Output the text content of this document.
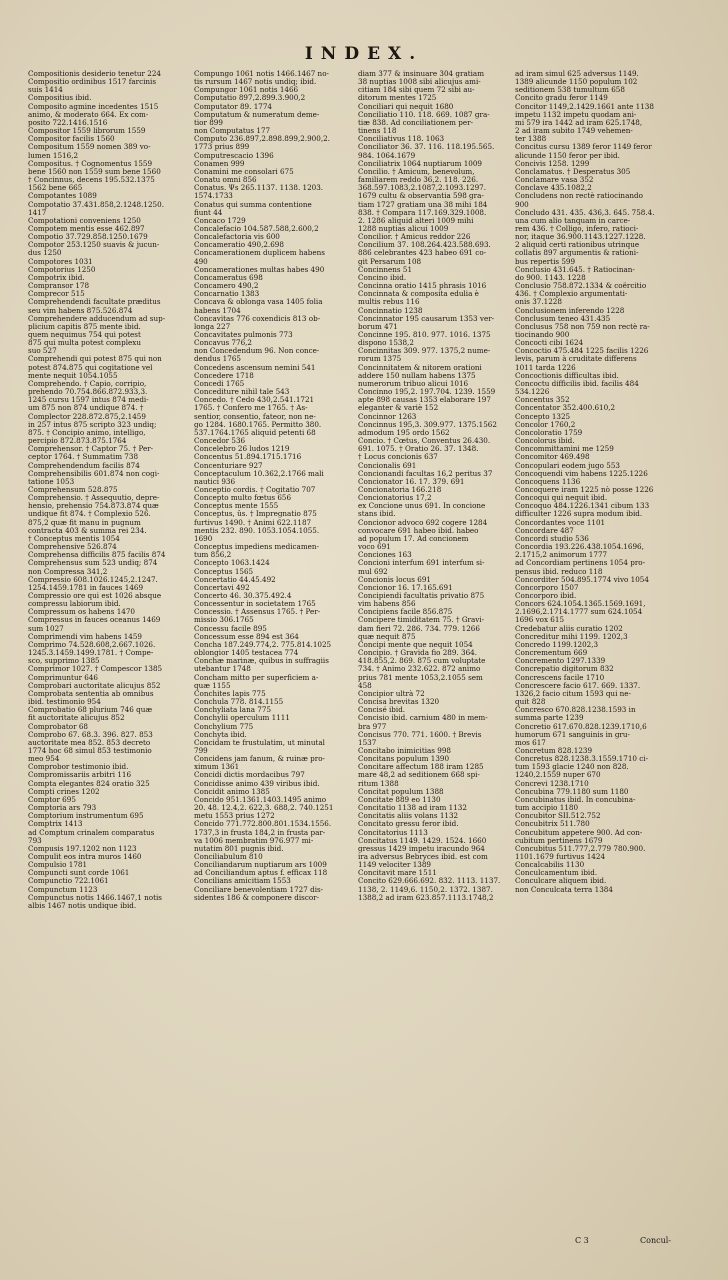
INDEX.
Compositionis desiderio tenetur 224
Compositio ordinibus 1517 farcinis
suis 1414
Compositius ibid.
Composito agmine incedentes 1515
animo, & moderato 664. Ex com-
posito 722.1416.1516
Compositor 1559 librorum 1559
Compositor facilis 1560
Compositum 1559 nomen 389 vo-
lumen 1516,2
Compositus. † Cognomentus 1559
bene 1560 non 1559 sum bene 1560
† Concinnus, decens 195.532.1375
1562 bene 665
Compotantes 1089
Compotatio 37.431.858,2.1248.1250.
1417
Compotationi conveniens 1250
Compotem mentis esse 462.897
Compotio 37.729.858.1250.1679
Compotor 253.1250 suavis & jucun-
dus 1250
Compotores 1031
Compotorius 1250
Compotrix ibid.
Compransor 178
Comprecor 515
Comprehendendi facultate præditus
seu vim habens 875.526.874
Comprehendere adducendum ad sup-
plicium capitis 875 mente ibid.
quem nequimus 754 qui potest
875 qui multa potest complexu
suo 527
Comprehendi qui potest 875 qui non
potest 874.875 qui cogitatione vel
mente nequit 1054.1055
Comprehendo. † Capio, corripio,
prehendo 70.754.866.872.933,3.
1245 cursu 1597 intus 874 medi-
um 875 non 874 undique 874. †
Complector 228.872.875,2.1459
in 257 intus 875 scripto 323 undiq;
875. † Concipio animo, intelligo,
percipio 872.873.875.1764
Comprehensor. † Captor 75. † Per-
ceptor 1764. † Summatim 738
Comprehendendum facilis 874
Comprehensibilis 601.874 non cogi-
tatione 1053
Comprehensum 528.875
Comprehensio. † Assequutio, depre-
hensio, prehensio 754.873.874 quæ
undique fit 874. † Complexio 526.
875,2 quæ fit manu in pugnum
contracta 403 & summa rei 234.
† Conceptus mentis 1054
Comprehensive 526.874
Comprehensa difficilis 875 facilis 874
Comprehensus sum 523 undiq; 874
non Compressa 341,2
Compressio 608.1026.1245,2.1247.
1254.1459.1781 in fauces 1469
Compressio ore qui est 1026 absque
compressu labiorum ibid.
Compressum os habens 1470
Compressus in fauces oceanus 1469
sum 1027
Comprimendi vim habens 1459
Comprimo 74.528.608,2.667.1026.
1245.3.1459.1499.1781. † Compe-
sco, supprimo 1385
Comprimor 1027. † Compescor 1385
Comprimuntur 646
Comprobari auctoritate alicujus 852
Comprobata sententia ab omnibus
ibid. testimonio 954
Comprobatio 68 plurium 746 quæ
fit auctoritate alicujus 852
Comprobator 68
Comprobo 67. 68.3. 396. 827. 853
auctoritate mea 852. 853 decreto
1774 hoc 68 simul 853 testimonio
meo 954
Comprobor testimonio ibid.
Compromissariis arbitri 116
Compta elegantes 824 oratio 325
Compti crines 1202
Comptor 695
Comptoria ars 793
Comptorium instrumentum 695
Comptrix 1413
ad Comptum crinalem comparatus
793
Compusis 197.1202 non 1123
Compulit eos intra muros 1460
Compulsio 1781
Compuncti sunt corde 1061
Compunctio 722.1061
Compunctum 1123
Compunctus notis 1466.1467,1 notis
albis 1467 notis undique ibid.
Compungo 1061 notis 1466.1467 no-
tis rursum 1467 notis undiq; ibid.
Compungor 1061 notis 1466
Computatio 897,2.899.3.900,2
Computator 89. 1774
Computatum & numeratum deme-
tior 899
non Computatus 177
Computo 236.897,2.898.899,2.900,2.
1773 prius 899
Computrescacio 1396
Conamen 999
Conamini me consolari 675
Conatu omni 856
Conatus. Ψs 265.1137. 1138. 1203.
1574.1733
Conatus qui summa contentione
fiunt 44
Concaco 1729
Concalefacio 104.587.588,2.600,2
Concalefactoria vis 600
Concameratio 490,2.698
Concamerationem duplicem habens
490
Concamerationes multas habes 490
Concameratus 698
Concamero 490,2
Concarnatio 1383
Concava & oblonga vasa 1405 folia
habens 1704
Concavitas 776 coxendicis 813 ob-
longa 227
Concavitates pulmonis 773
Concavus 776,2
non Concedendum 96. Non conce-
dendus 1765
Concedens ascensum nemini 541
Concedere 1718
Concedi 1765
Concediture nihil tale 543
Concedo. † Cedo 430,2.541.1721
1765. † Confero me 1765. † As-
sentior, consentio, fateor, non ne-
go 1284. 1680.1765. Permitto 380.
537.1764.1765 aliquid petenti 68
Concedor 536
Concelebro 26 ludos 1219
Concentus 51.894.1715.1716
Concenturiare 927
Conceptaculum 10.362,2.1766 mali
nautici 936
Conceptio cordis. † Cogitatio 707
Concepto multo fœtus 656
Conceptus mente 1555
Conceptus, ûs. † Impregnatio 875
furtivus 1490. † Animi 622.1187
mentis 232. 890. 1053.1054.1055.
1690
Conceptus impediens medicamen-
tum 856,2
Concepto 1063.1424
Conceptus 1565
Concertatio 44.45.492
Concertavi 492
Concerto 46. 30.375.492.4
Concessentur in societatem 1765
Concessio. † Assensus 1765. † Per-
missio 306.1765
Concessu facile 895
Concessum esse 894 est 364
Concha 187.249.774,2. 775.814.1025
oblongior 1405 testacea 774
Conchæ marinæ, quibus in suffragiis
utebantur 1748
Concham mitto per superficiem a-
quæ 1155
Conchites lapis 775
Conchula 778. 814.1155
Conchyliata lana 775
Conchylii operculum 1111
Conchylium 775
Conchyta ibid.
Concidam te frustulatim, ut minutal
799
Concidens jam fanum, & ruinæ pro-
ximum 1361
Concidi dictis mordacibus 797
Concidisse animo 439 viribus ibid.
Concidit animo 1385
Concido 951.1361.1403.1495 animo
20. 48. 12.4,2. 622,3. 688,2. 740.1251
metu 1553 prius 1272
Concido 771.772.800.801.1534.1556.
1737,3 in frusta 184,2 in frusta par-
va 1006 membratim 976.977 mi-
nutatim 801 pugnis ibid.
Conciliabulum 810
Conciliandarum nuptiarum ars 1009
ad Conciliandum aptus f. efficax 118
Concilians amicitiam 1553
Conciliare benevolentiam 1727 dis-
sidentes 186 & componere discor-
diam 377 & insinuare 304 gratiam
38 nuptias 1008 sibi alicujus ami-
citiam 184 sibi quem 72 sibi au-
ditorum mentes 1725
Conciliari qui nequit 1680
Conciliatio 110. 118. 669. 1087 gra-
tiæ 838. Ad conciliationem per-
tinens 118
Conciliativus 118. 1063
Conciliator 36. 37. 116. 118.195.565.
984. 1064.1679
Conciliatrix 1064 nuptiarum 1009
Concilio. † Amicum, benevolum,
familiarem reddo 36,2. 118. 226.
368.597.1083,2.1087,2.1093.1297.
1679 cultu & observantia 598 gra-
tiam 1727 gratiam una 38 mihi 184
838. † Compara 117.169.329.1008.
2. 1286 aliquid alteri 1009 mihi
1288 nuptias alicui 1009
Concilior. † Amicus reddor 226
Concilium 37. 108.264.423.588.693.
886 celebrantes 423 habeo 691 co-
git Persarum 108
Concinnens 51
Concino ibid.
Concinna oratio 1415 phrasis 1016
Concinnata & composita edulia è
multis rebus 116
Concinnatio 1238
Concinnator 195 causarum 1353 ver-
borum 471
Concinne 195. 810. 977. 1016. 1375
dispono 1538,2
Concinnitas 309. 977. 1375,2 nume-
rorum 1375
Concinnitatem & nitorem orationi
addere 150 nullam habens 1375
numerorum tribuo alicui 1016
Concinno 195,2. 197.704. 1239. 1559
apte 898 causas 1353 elaborare 197
eleganter & variè 152
Concinnor 1263
Concinnus 195,3. 309.977. 1375.1562
admodum 195 ordo 1562
Concio. † Cœtus, Conventus 26.430.
691. 1075. † Oratio 26. 37. 1348.
† Locus concionis 637
Concionalis 691
Concionandi facultas 16,2 peritus 37
Concionator 16. 17. 379. 691
Concionatoria 166.218
Concionatorius 17,2
ex Concione unus 691. In concione
stans ibid.
Concionor advoco 692 cogere 1284
convocare 691 habeo ibid. habeo
ad populum 17. Ad concionem
voco 691
Conciones 163
Concioni interfum 691 interfum si-
mul 692
Concionis locus 691
Concionor 16. 17.165.691
Concipiendi facultatis privatio 875
vim habens 856
Concipiens facile 856.875
Concipere timiditatem 75. † Gravi-
dam fieri 72. 286. 734. 779. 1266
quæ nequit 875
Concipi mente que nequit 1054
Concipio. † Gravida fio 289. 364.
418.855,2. 869. 875 cum voluptate
734. † Animo 232.622. 872 animo
prius 781 mente 1053,2.1055 sem
458
Concipior ultrà 72
Concisa brevitas 1320
Concisé ibid.
Concisio ibid. carnium 480 in mem-
bra 977
Concisus 770. 771. 1600. † Brevis
1537
Concitabo inimicitias 998
Concitans populum 1390
Concitare affectum 188 iram 1285
mare 48,2 ad seditionem 668 spi-
ritum 1388
Concitat populum 1388
Concitate 889 eo 1130
Concitatio 1138 ad iram 1132
Concitatis aliis volans 1132
Concitato gressu feror ibid.
Concitatorius 1113
Concitatus 1149. 1429. 1524. 1660
gressus 1429 impetu iracundo 964
ira adversus Bebryces ibid. est com
1149 velociter 1389
Concitavit mare 1511
Concito 629.666.692. 832. 1113. 1137.
1138, 2. 1149,6. 1150,2. 1372. 1387.
1388,2 ad iram 623.857.1113.1748,2
ad iram simul 625 adversus 1149.
1389 alicunde 1150 populum 102
seditionem 538 tumultum 658
Concito gradu feror 1149
Concitor 1149,2.1429.1661 ante 1138
impetu 1132 impetu quodam ani-
mi 579 ira 1442 ad iram 625.1748,
2 ad iram subito 1749 vehemen-
ter 1388
Concitus cursu 1389 feror 1149 feror
alicunde 1150 feror per ibid.
Concivis 1258. 1299
Conclamatus. † Desperatus 305
Conclamare vasa 352
Conclave 435.1082,2
Concludens non rectè ratiocinando
900
Concludo 431. 435. 436,3. 645. 758.4.
una cum alio tanquam in carce-
rem 436. † Colligo, infero, ratioci-
nor, itaque 36.900.1143.1227.1228.
2 aliquid certi rationibus utrinque
collatis 897 argumentis & rationi-
bus repertis 599
Conclusio 431.645. † Ratiocinan-
do 900. 1143. 1228
Conclusio 758.872.1334 & coërcitio
436. † Complexio argumentati-
onis 37.1228
Conclusionem inferendo 1228
Conclusum teneo 431.435
Conclusus 758 non 759 non rectè ra-
tiocinando 900
Concocti cibi 1624
Concoctio 475.484 1225 facilis 1226
levis, parum à cruditate differens
1011 tarda 1226
Concoctionis difficultas ibid.
Concoctu difficilis ibid. facilis 484
534.1226
Concentus 352
Concentator 352.400.610,2
Concepto 1325
Concolor 1760,2
Concoloratio 1759
Concolorus ibid.
Concommittamini me 1259
Concomitor 469.498
Concopulari eodem jugo 553
Concoquendi vim habens 1225.1226
Concoquens 1136
Concoquere iram 1225 nò posse 1226
Concoqui qui nequit ibid.
Concoquo 484.1226.1341 cibum 133
difficulter 1226 supra modum ibid.
Concordantes voce 1101
Concordare 487
Concordi studio 536
Concordia 193.226.438.1054.1696,
2.1715,2 animorum 1777
ad Concordiam pertinens 1054 pro-
pensus ibid. reduco 118
Concorditer 504.895.1774 vivo 1054
Concorporo 1507
Concorporo ibid.
Concors 624.1054.1365.1569.1691,
2.1696,2.1714.1777 sum 624.1054
1696 vox 615
Credebatur aliis curatio 1202
Concreditur mihi 1199. 1202,3
Concredo 1199.1202,3
Concrementum 669
Concremento 1297.1339
Concrepatio digitorum 832
Concrescens facile 1710
Concrescere facio 617. 669. 1337.
1326,2 facio citum 1593 qui ne-
quit 828
Concresco 670.828.1238.1593 in
summa parte 1239
Concretio 617.670.828.1239.1710,6
humorum 671 sanguinis in gru-
mos 617
Concretum 828.1239
Concretus 828.1238.3.1559.1710 ci-
tum 1593 glacie 1240 non 828.
1240,2.1559 nuper 670
Concrevi 1238.1710
Concubina 779.1180 sum 1180
Concubinatus ibid. In concubina-
tum accipio 1180
Concubitor SII.512.752
Concubitrix 511.780
Concubitum appetere 900. Ad con-
cubitum pertinens 1679
Concubitus 511.777,2.779 780.900.
1101.1679 furtivus 1424
Concalcabilis 1130
Conculcamentum ibid.
Conculcare aliquem ibid.
non Conculcata terra 1384
C 3	Concul-
